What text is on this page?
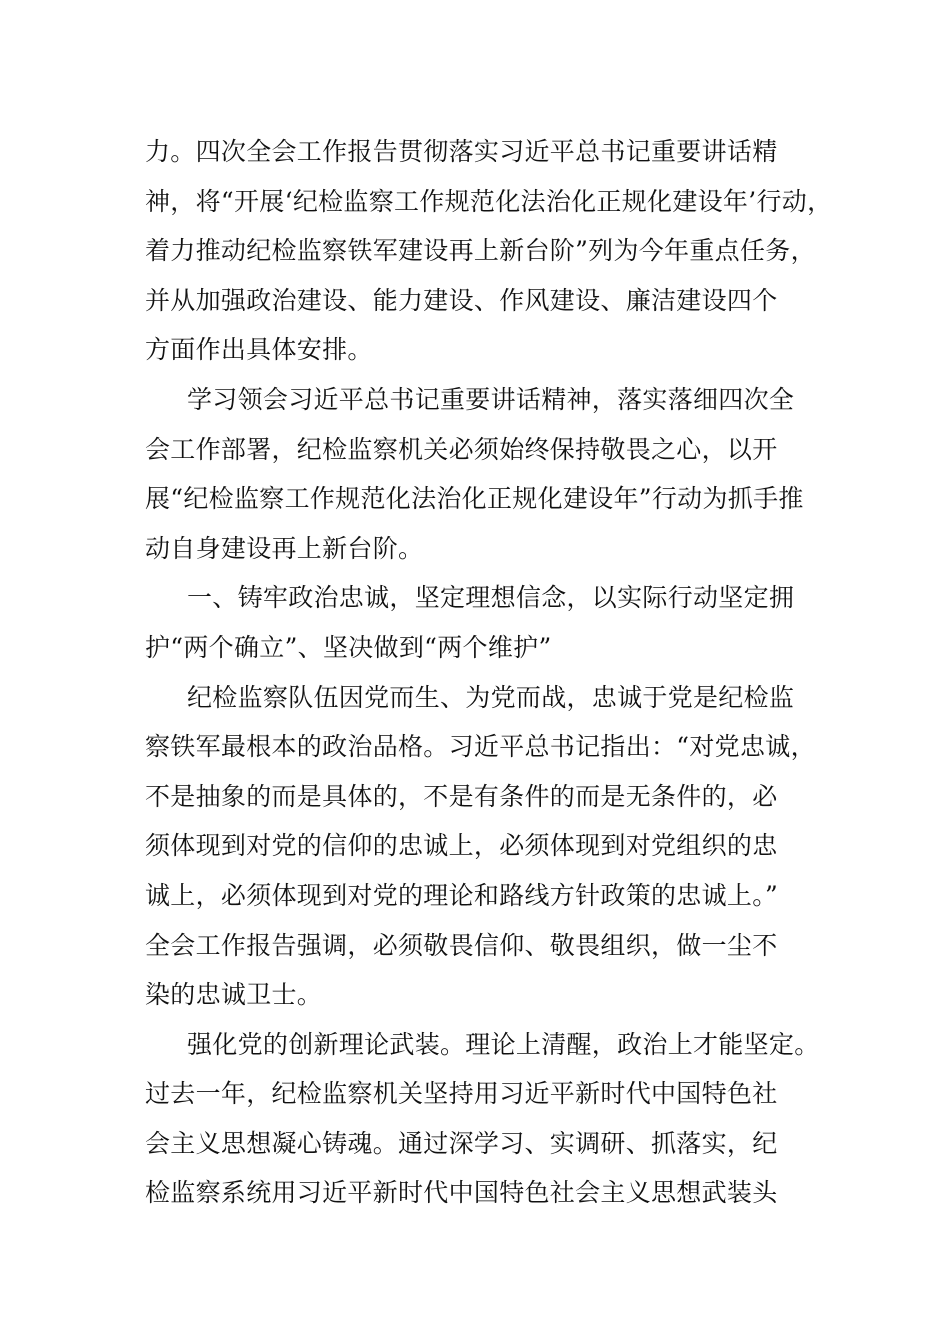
力。四次全会工作报告贯彻落实习近平总书记重要讲话精
神，将“开展‘纪检监察工作规范化法治化正规化建设年’行动，
着力推动纪检监察铁军建设再上新台阶”列为今年重点任务，
并从加强政治建设、能力建设、作风建设、廉洁建设四个
方面作出具体安排。
学习领会习近平总书记重要讲话精神，落实落细四次全
会工作部署，纪检监察机关必须始终保持敬畏之心，以开
展“纪检监察工作规范化法治化正规化建设年”行动为抓手推
动自身建设再上新台阶。
一、铸牢政治忠诚，坚定理想信念，以实际行动坚定拥
护“两个确立”、坚决做到“两个维护”
纪检监察队伍因党而生、为党而战，忠诚于党是纪检监
察铁军最根本的政治品格。习近平总书记指出：“对党忠诚，
不是抽象的而是具体的，不是有条件的而是无条件的，必
须体现到对党的信仰的忠诚上，必须体现到对党组织的忠
诚上，必须体现到对党的理论和路线方针政策的忠诚上。”
全会工作报告强调，必须敬畏信仰、敬畏组织，做一尘不
染的忠诚卫士。
强化党的创新理论武装。理论上清醒，政治上才能坚定。
过去一年，纪检监察机关坚持用习近平新时代中国特色社
会主义思想凝心铸魂。通过深学习、实调研、抓落实，纪
检监察系统用习近平新时代中国特色社会主义思想武装头
